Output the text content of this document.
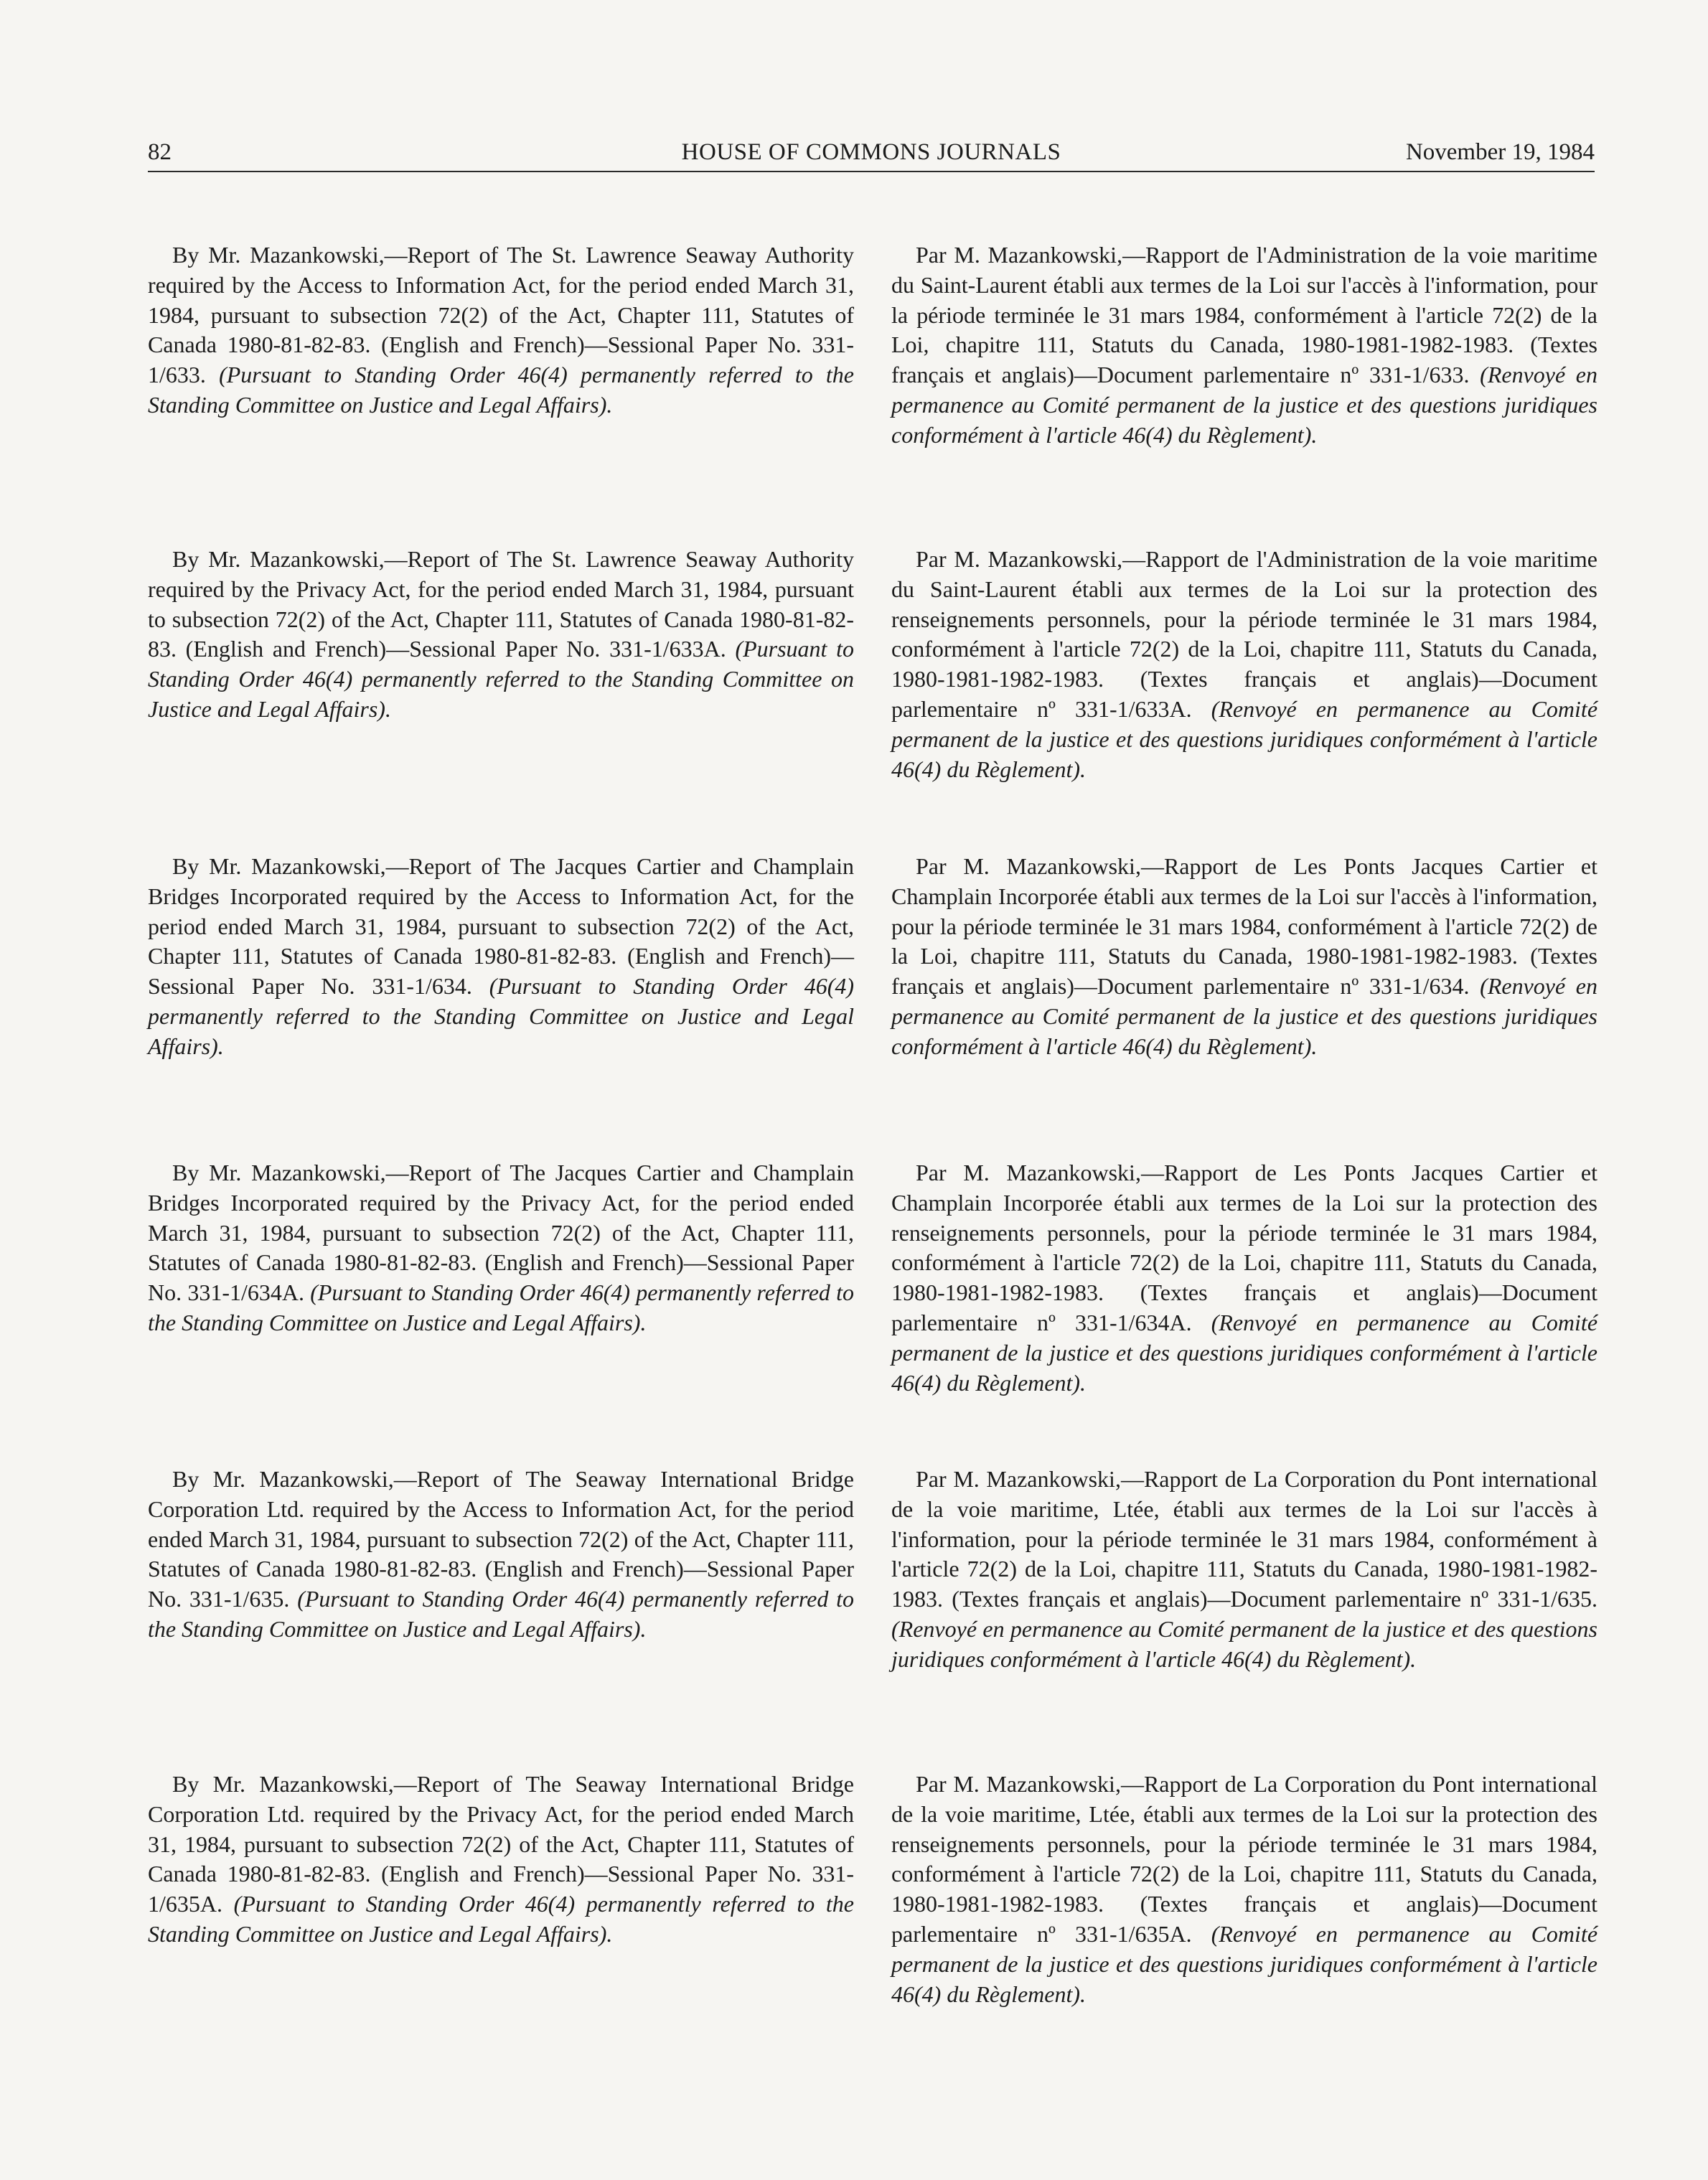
82	HOUSE OF COMMONS JOURNALS	November 19, 1984

By Mr. Mazankowski,—Report of The St. Lawrence Seaway Authority required by the Access to Information Act, for the period ended March 31, 1984, pursuant to subsection 72(2) of the Act, Chapter 111, Statutes of Canada 1980-81-82-83. (English and French)—Sessional Paper No. 331-1/633. (Pursuant to Standing Order 46(4) permanently referred to the Standing Committee on Justice and Legal Affairs).

Par M. Mazankowski,—Rapport de l'Administration de la voie maritime du Saint-Laurent établi aux termes de la Loi sur l'accès à l'information, pour la période terminée le 31 mars 1984, conformément à l'article 72(2) de la Loi, chapitre 111, Statuts du Canada, 1980-1981-1982-1983. (Textes français et anglais)—Document parlementaire nº 331-1/633. (Renvoyé en permanence au Comité permanent de la justice et des questions juridiques conformément à l'article 46(4) du Règlement).

By Mr. Mazankowski,—Report of The St. Lawrence Seaway Authority required by the Privacy Act, for the period ended March 31, 1984, pursuant to subsection 72(2) of the Act, Chapter 111, Statutes of Canada 1980-81-82-83. (English and French)—Sessional Paper No. 331-1/633A. (Pursuant to Standing Order 46(4) permanently referred to the Standing Committee on Justice and Legal Affairs).

Par M. Mazankowski,—Rapport de l'Administration de la voie maritime du Saint-Laurent établi aux termes de la Loi sur la protection des renseignements personnels, pour la période terminée le 31 mars 1984, conformément à l'article 72(2) de la Loi, chapitre 111, Statuts du Canada, 1980-1981-1982-1983. (Textes français et anglais)—Document parlementaire nº 331-1/633A. (Renvoyé en permanence au Comité permanent de la justice et des questions juridiques conformément à l'article 46(4) du Règlement).

By Mr. Mazankowski,—Report of The Jacques Cartier and Champlain Bridges Incorporated required by the Access to Information Act, for the period ended March 31, 1984, pursuant to subsection 72(2) of the Act, Chapter 111, Statutes of Canada 1980-81-82-83. (English and French)—Sessional Paper No. 331-1/634. (Pursuant to Standing Order 46(4) permanently referred to the Standing Committee on Justice and Legal Affairs).

Par M. Mazankowski,—Rapport de Les Ponts Jacques Cartier et Champlain Incorporée établi aux termes de la Loi sur l'accès à l'information, pour la période terminée le 31 mars 1984, conformément à l'article 72(2) de la Loi, chapitre 111, Statuts du Canada, 1980-1981-1982-1983. (Textes français et anglais)—Document parlementaire nº 331-1/634. (Renvoyé en permanence au Comité permanent de la justice et des questions juridiques conformément à l'article 46(4) du Règlement).

By Mr. Mazankowski,—Report of The Jacques Cartier and Champlain Bridges Incorporated required by the Privacy Act, for the period ended March 31, 1984, pursuant to subsection 72(2) of the Act, Chapter 111, Statutes of Canada 1980-81-82-83. (English and French)—Sessional Paper No. 331-1/634A. (Pursuant to Standing Order 46(4) permanently referred to the Standing Committee on Justice and Legal Affairs).

Par M. Mazankowski,—Rapport de Les Ponts Jacques Cartier et Champlain Incorporée établi aux termes de la Loi sur la protection des renseignements personnels, pour la période terminée le 31 mars 1984, conformément à l'article 72(2) de la Loi, chapitre 111, Statuts du Canada, 1980-1981-1982-1983. (Textes français et anglais)—Document parlementaire nº 331-1/634A. (Renvoyé en permanence au Comité permanent de la justice et des questions juridiques conformément à l'article 46(4) du Règlement).

By Mr. Mazankowski,—Report of The Seaway International Bridge Corporation Ltd. required by the Access to Information Act, for the period ended March 31, 1984, pursuant to subsection 72(2) of the Act, Chapter 111, Statutes of Canada 1980-81-82-83. (English and French)—Sessional Paper No. 331-1/635. (Pursuant to Standing Order 46(4) permanently referred to the Standing Committee on Justice and Legal Affairs).

Par M. Mazankowski,—Rapport de La Corporation du Pont international de la voie maritime, Ltée, établi aux termes de la Loi sur l'accès à l'information, pour la période terminée le 31 mars 1984, conformément à l'article 72(2) de la Loi, chapitre 111, Statuts du Canada, 1980-1981-1982-1983. (Textes français et anglais)—Document parlementaire nº 331-1/635. (Renvoyé en permanence au Comité permanent de la justice et des questions juridiques conformément à l'article 46(4) du Règlement).

By Mr. Mazankowski,—Report of The Seaway International Bridge Corporation Ltd. required by the Privacy Act, for the period ended March 31, 1984, pursuant to subsection 72(2) of the Act, Chapter 111, Statutes of Canada 1980-81-82-83. (English and French)—Sessional Paper No. 331-1/635A. (Pursuant to Standing Order 46(4) permanently referred to the Standing Committee on Justice and Legal Affairs).

Par M. Mazankowski,—Rapport de La Corporation du Pont international de la voie maritime, Ltée, établi aux termes de la Loi sur la protection des renseignements personnels, pour la période terminée le 31 mars 1984, conformément à l'article 72(2) de la Loi, chapitre 111, Statuts du Canada, 1980-1981-1982-1983. (Textes français et anglais)—Document parlementaire nº 331-1/635A. (Renvoyé en permanence au Comité permanent de la justice et des questions juridiques conformément à l'article 46(4) du Règlement).
